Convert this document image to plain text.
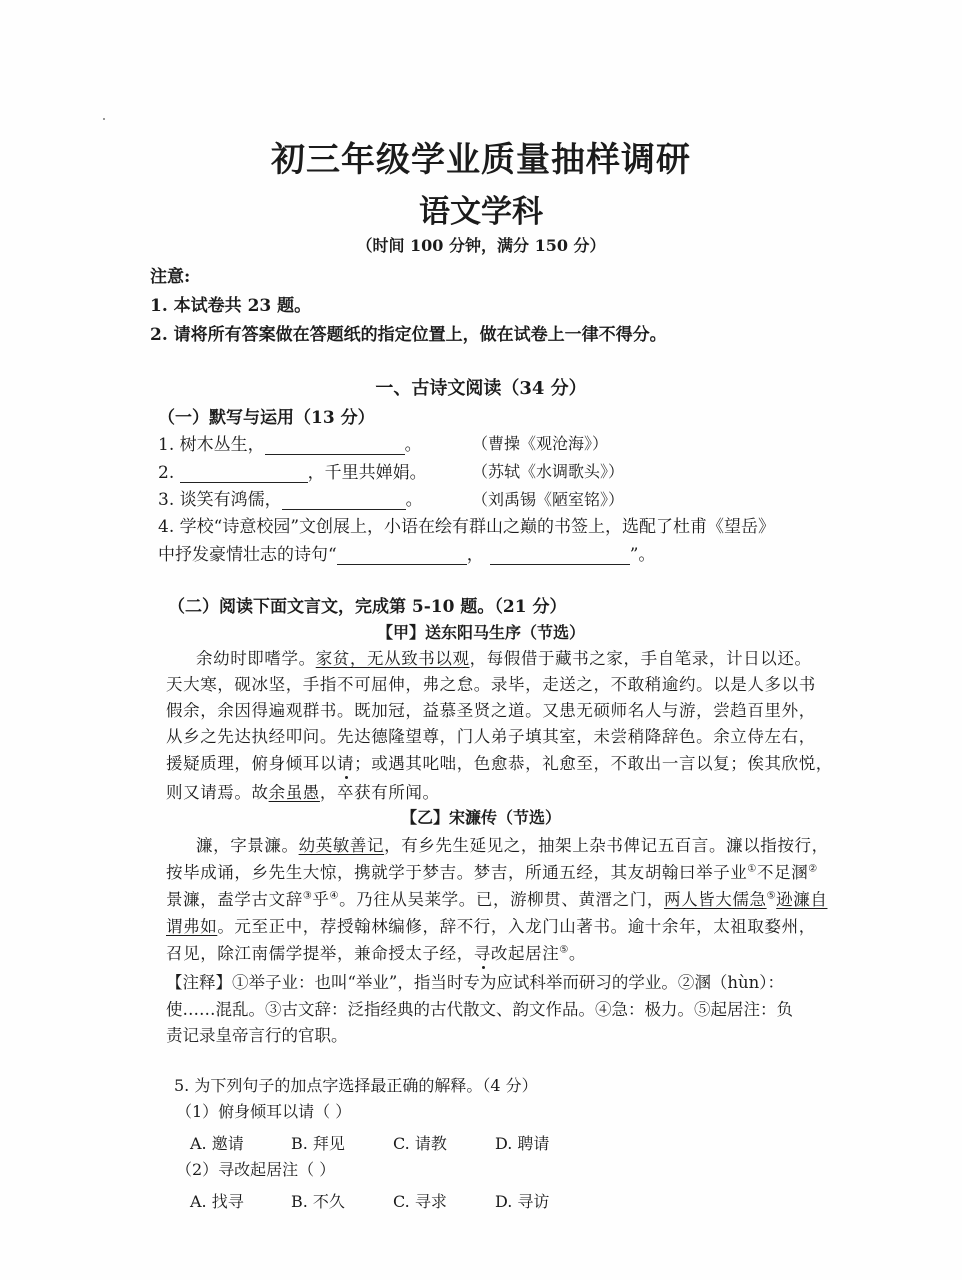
初三年级学业质量抽样调研
语文学科
（时间 100 分钟，满分 150 分）
注意:
1. 本试卷共 23 题。
2. 请将所有答案做在答题纸的指定位置上，做在试卷上一律不得分。
一、古诗文阅读（34 分）
（一）默写与运用（13 分）
1. 树木丛生，	。	（曹操《观沧海》）
2.	，千里共婵娟。	（苏轼《水调歌头》）
3. 谈笑有鸿儒，	。	（刘禹锡《陋室铭》）
4. 学校“诗意校园”文创展上，小语在绘有群山之巅的书签上，选配了杜甫《望岳》
中抒发豪情壮志的诗句“	，	”。
（二）阅读下面文言文，完成第 5-10 题。（21 分）
【甲】送东阳马生序（节选）
余幼时即嗜学。家贫，无从致书以观，每假借于藏书之家，手自笔录，计日以还。
天大寒，砚冰坚，手指不可屈伸，弗之怠。录毕，走送之，不敢稍逾约。以是人多以书
假余，余因得遍观群书。既加冠，益慕圣贤之道。又患无硕师名人与游，尝趋百里外，
从乡之先达执经叩问。先达德隆望尊，门人弟子填其室，未尝稍降辞色。余立侍左右，
援疑质理，俯身倾耳以请；或遇其叱咄，色愈恭，礼愈至，不敢出一言以复；俟其欣悦，
则又请焉。故余虽愚，卒获有所闻。
【乙】宋濂传（节选）
濂，字景濂。幼英敏善记，有乡先生延见之，抽架上杂书俾记五百言。濂以指按行，
按毕成诵，乡先生大惊，携就学于梦吉。梦吉，所通五经，其友胡翰曰举子业①不足溷②
景濂，盍学古文辞③乎④。乃往从吴莱学。已，游柳贯、黄溍之门，两人皆大儒急⑤逊濂自
谓弗如。元至正中，荐授翰林编修，辞不行，入龙门山著书。逾十余年，太祖取婺州，
召见，除江南儒学提举，兼命授太子经，寻改起居注⑤。
【注释】①举子业：也叫“举业”，指当时专为应试科举而研习的学业。②溷（hùn）：
使……混乱。③古文辞：泛指经典的古代散文、韵文作品。④急：极力。⑤起居注：负
责记录皇帝言行的官职。
5. 为下列句子的加点字选择最正确的解释。（4 分）
（1）俯身倾耳以请（ ）
A. 邀请	B. 拜见	C. 请教	D. 聘请
（2）寻改起居注（ ）
A. 找寻	B. 不久	C. 寻求	D. 寻访
